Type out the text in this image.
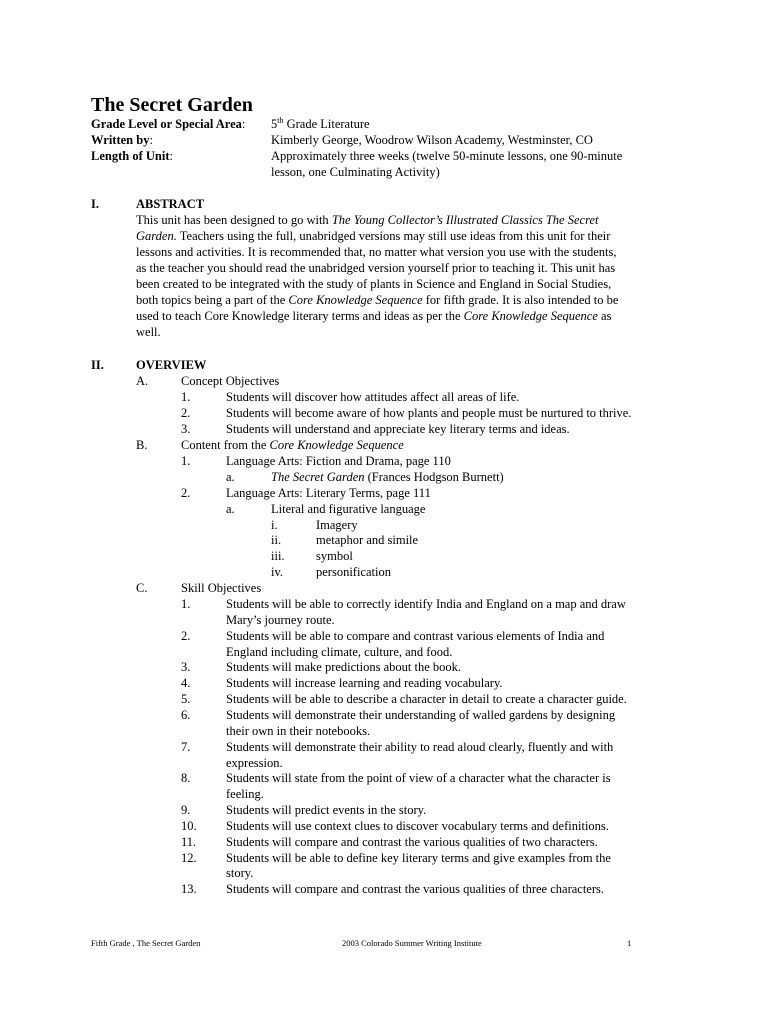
The Secret Garden
Grade Level or Special Area: 5th Grade Literature
Written by:	Kimberly George, Woodrow Wilson Academy, Westminster, CO
Length of Unit:	Approximately three weeks (twelve 50-minute lessons, one 90-minute
lesson, one Culminating Activity)
I.	ABSTRACT
This unit has been designed to go with The Young Collector’s Illustrated Classics The Secret
Garden. Teachers using the full, unabridged versions may still use ideas from this unit for their
lessons and activities. It is recommended that, no matter what version you use with the students,
as the teacher you should read the unabridged version yourself prior to teaching it. This unit has
been created to be integrated with the study of plants in Science and England in Social Studies,
both topics being a part of the Core Knowledge Sequence for fifth grade. It is also intended to be
used to teach Core Knowledge literary terms and ideas as per the Core Knowledge Sequence as
well.
II.	OVERVIEW
A.	Concept Objectives
1.	Students will discover how attitudes affect all areas of life.
2.	Students will become aware of how plants and people must be nurtured to thrive.
3.	Students will understand and appreciate key literary terms and ideas.
B.	Content from the Core Knowledge Sequence
1.	Language Arts: Fiction and Drama, page 110
a.	The Secret Garden (Frances Hodgson Burnett)
2.	Language Arts: Literary Terms, page 111
a.	Literal and figurative language
i.	Imagery
ii.	metaphor and simile
iii.	symbol
iv.	personification
C.	Skill Objectives
1.	Students will be able to correctly identify India and England on a map and draw
Mary’s journey route.
2.	Students will be able to compare and contrast various elements of India and
England including climate, culture, and food.
3.	Students will make predictions about the book.
4.	Students will increase learning and reading vocabulary.
5.	Students will be able to describe a character in detail to create a character guide.
6.	Students will demonstrate their understanding of walled gardens by designing
their own in their notebooks.
7.	Students will demonstrate their ability to read aloud clearly, fluently and with
expression.
8.	Students will state from the point of view of a character what the character is
feeling.
9.	Students will predict events in the story.
10. Students will use context clues to discover vocabulary terms and definitions.
11. Students will compare and contrast the various qualities of two characters.
12. Students will be able to define key literary terms and give examples from the
story.
13. Students will compare and contrast the various qualities of three characters.
Fifth Grade , The Secret Garden	2003 Colorado Summer Writing Institute	1
